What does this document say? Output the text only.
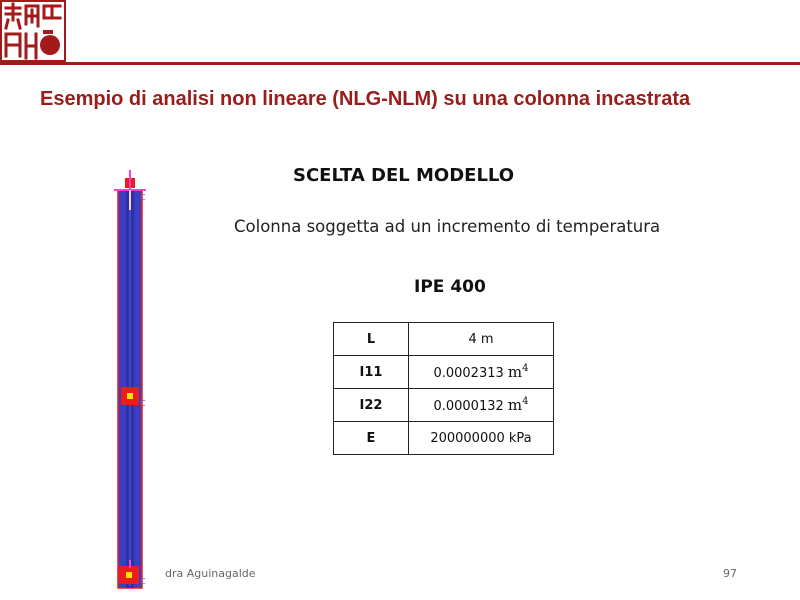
Esempio di analisi non lineare (NLG-NLM) su una colonna incastrata
C
C
C
SCELTA DEL MODELLO
Colonna soggetta ad un incremento di temperatura
IPE 400
L	4 m
I11	0.0002313 $m^4$
I22	0.0000132 $m^4$
E	200000000 kPa
dra Aguinagalde	97
